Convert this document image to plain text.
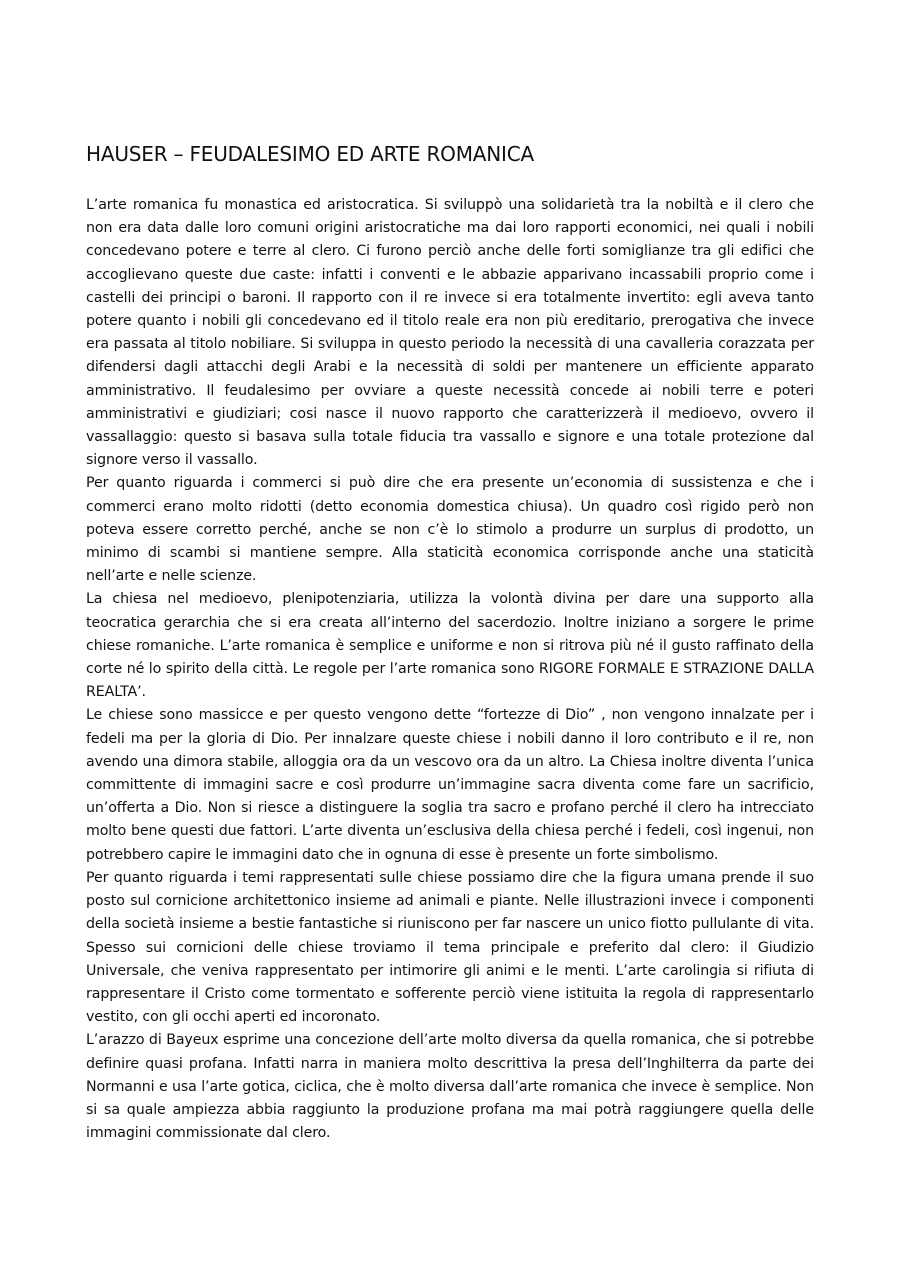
HAUSER – FEUDALESIMO ED ARTE ROMANICA

L’arte romanica fu monastica ed aristocratica. Si sviluppò una solidarietà tra la nobiltà e il clero che non era data dalle loro comuni origini aristocratiche ma dai loro rapporti economici, nei quali i nobili concedevano potere e terre al clero. Ci furono perciò anche delle forti somiglianze tra gli edifici che accoglievano queste due caste: infatti i conventi e le abbazie apparivano incassabili proprio come i castelli dei principi o baroni. Il rapporto con il re invece si era totalmente invertito: egli aveva tanto potere quanto i nobili gli concedevano ed il titolo reale era non più ereditario, prerogativa che invece era passata al titolo nobiliare. Si sviluppa in questo periodo la necessità di una cavalleria corazzata per difendersi dagli attacchi degli Arabi e la necessità di soldi per mantenere un efficiente apparato amministrativo. Il feudalesimo per ovviare a queste necessità concede ai nobili terre e poteri amministrativi e giudiziari; cosi nasce il nuovo rapporto che caratterizzerà il medioevo, ovvero il vassallaggio: questo si basava sulla totale fiducia tra vassallo e signore e una totale protezione dal signore verso il vassallo.

Per quanto riguarda i commerci si può dire che era presente un’economia di sussistenza e che i commerci erano molto ridotti (detto economia domestica chiusa). Un quadro così rigido però non poteva essere corretto perché, anche se non c’è lo stimolo a produrre un surplus di prodotto, un minimo di scambi si mantiene sempre. Alla staticità economica corrisponde anche una staticità nell’arte e nelle scienze.

La chiesa nel medioevo, plenipotenziaria, utilizza la volontà divina per dare una supporto alla teocratica gerarchia che si era creata all’interno del sacerdozio. Inoltre iniziano a sorgere le prime chiese romaniche. L’arte romanica è semplice e uniforme e non si ritrova più né il gusto raffinato della corte né lo spirito della città. Le regole per l’arte romanica sono RIGORE FORMALE E STRAZIONE DALLA REALTA’.

Le chiese sono massicce e per questo vengono dette “fortezze di Dio” , non vengono innalzate per i fedeli ma per la gloria di Dio. Per innalzare queste chiese i nobili danno il loro contributo e il re, non avendo una dimora stabile, alloggia ora da un vescovo ora da un altro. La Chiesa inoltre diventa l’unica committente di immagini sacre e così produrre un’immagine sacra diventa come fare un sacrificio, un’offerta a Dio. Non si riesce a distinguere la soglia tra sacro e profano perché il clero ha intrecciato molto bene questi due fattori. L’arte diventa un’esclusiva della chiesa perché i fedeli, così ingenui, non potrebbero capire le immagini dato che in ognuna di esse è presente un forte simbolismo.

Per quanto riguarda i temi rappresentati sulle chiese possiamo dire che la figura umana prende il suo posto sul cornicione architettonico insieme ad animali e piante. Nelle illustrazioni invece i componenti della società insieme a bestie fantastiche si riuniscono per far nascere un unico fiotto pullulante di vita. Spesso sui cornicioni delle chiese troviamo il tema principale e preferito dal clero: il Giudizio Universale, che veniva rappresentato per intimorire gli animi e le menti. L’arte carolingia si rifiuta di rappresentare il Cristo come tormentato e sofferente perciò viene istituita la regola di rappresentarlo vestito, con gli occhi aperti ed incoronato.

L’arazzo di Bayeux esprime una concezione dell’arte molto diversa da quella romanica, che si potrebbe definire quasi profana. Infatti narra in maniera molto descrittiva la presa dell’Inghilterra da parte dei Normanni e usa l’arte gotica, ciclica, che è molto diversa dall’arte romanica che invece è semplice. Non si sa quale ampiezza abbia raggiunto la produzione profana ma mai potrà raggiungere quella delle immagini commissionate dal clero.
